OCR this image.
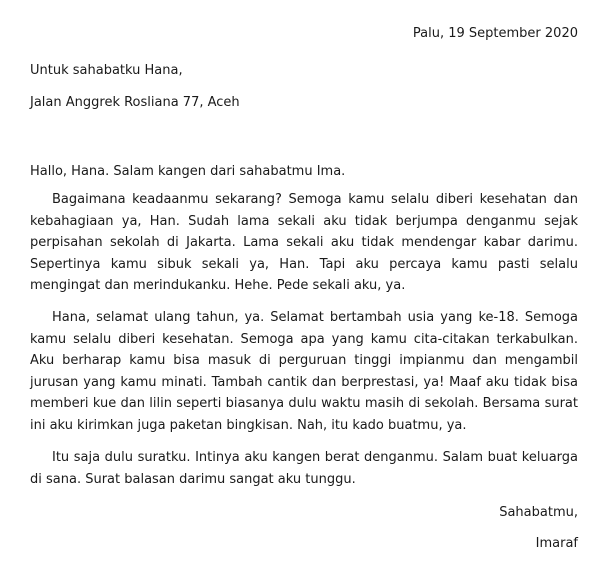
Palu, 19 September 2020
Untuk sahabatku Hana,
Jalan Anggrek Rosliana 77, Aceh
Hallo, Hana. Salam kangen dari sahabatmu Ima.
Bagaimana keadaanmu sekarang? Semoga kamu selalu diberi kesehatan dan kebahagiaan ya, Han. Sudah lama sekali aku tidak berjumpa denganmu sejak perpisahan sekolah di Jakarta. Lama sekali aku tidak mendengar kabar darimu. Sepertinya kamu sibuk sekali ya, Han. Tapi aku percaya kamu pasti selalu mengingat dan merindukanku. Hehe. Pede sekali aku, ya.
Hana, selamat ulang tahun, ya. Selamat bertambah usia yang ke-18. Semoga kamu selalu diberi kesehatan. Semoga apa yang kamu cita-citakan terkabulkan. Aku berharap kamu bisa masuk di perguruan tinggi impianmu dan mengambil jurusan yang kamu minati. Tambah cantik dan berprestasi, ya! Maaf aku tidak bisa memberi kue dan lilin seperti biasanya dulu waktu masih di sekolah. Bersama surat ini aku kirimkan juga paketan bingkisan. Nah, itu kado buatmu, ya.
Itu saja dulu suratku. Intinya aku kangen berat denganmu. Salam buat keluarga di sana. Surat balasan darimu sangat aku tunggu.
Sahabatmu,
Imaraf
